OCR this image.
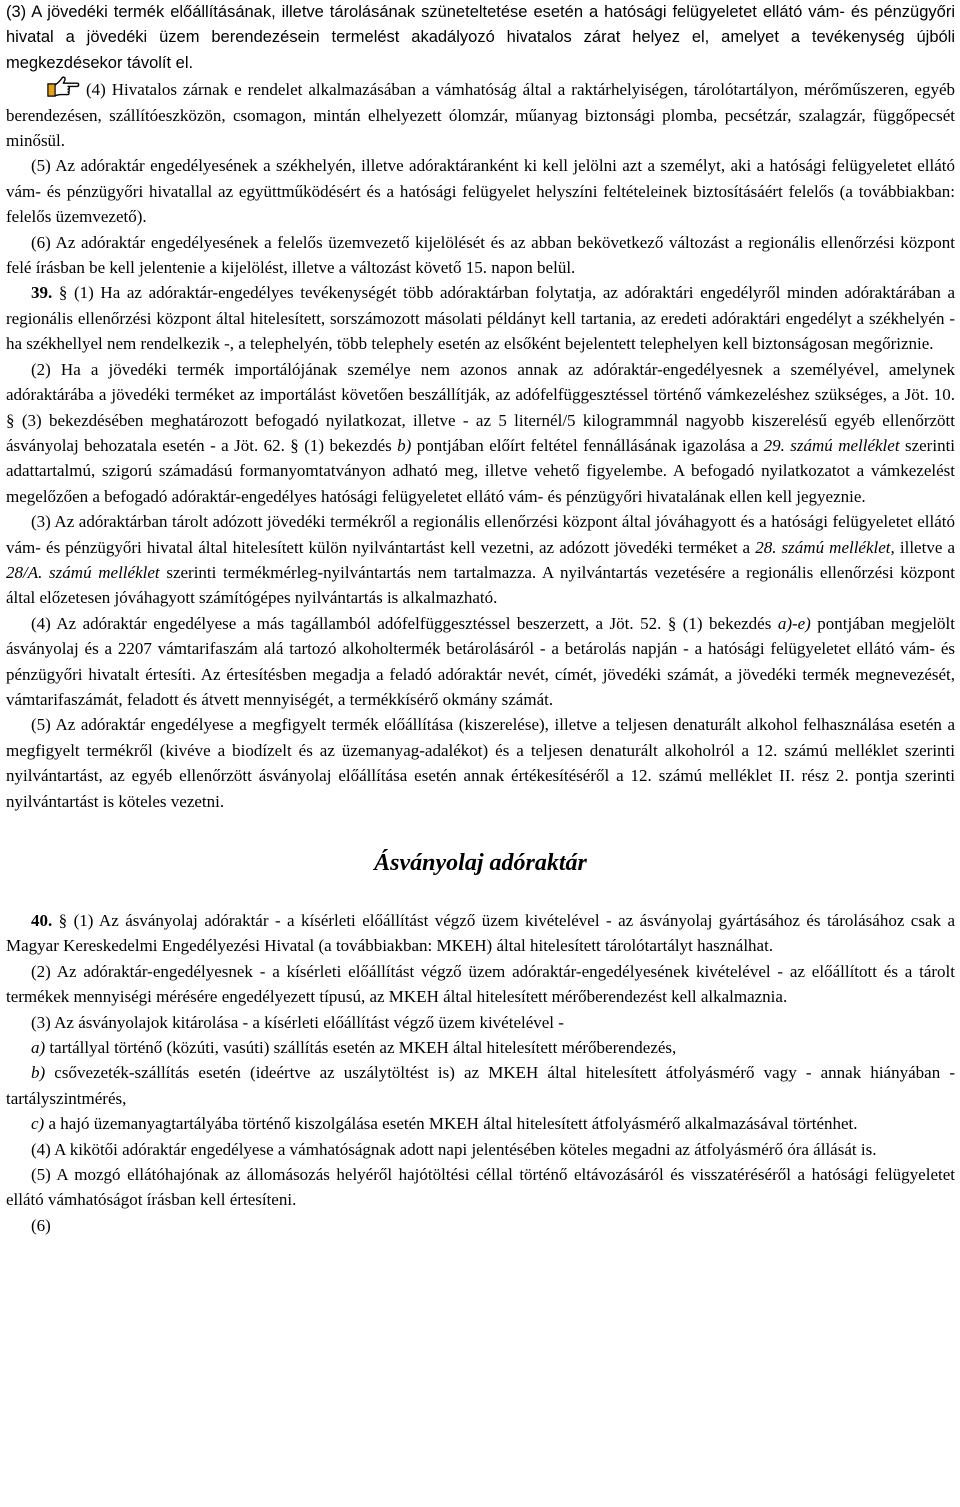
(3) A jövedéki termék előállításának, illetve tárolásának szüneteltetése esetén a hatósági felügyeletet ellátó vám- és pénzügyőri hivatal a jövedéki üzem berendezésein termelést akadályozó hivatalos zárat helyez el, amelyet a tevékenység újbóli megkezdésekor távolít el.

(4) Hivatalos zárnak e rendelet alkalmazásában a vámhatóság által a raktárhelyiségen, tárolótartályon, mérőműszeren, egyéb berendezésen, szállítóeszközön, csomagon, mintán elhelyezett ólomzár, műanyag biztonsági plomba, pecsétzár, szalagzár, függőpecsét minősül.

(5) Az adóraktár engedélyesének a székhelyén, illetve adóraktáranként ki kell jelölni azt a személyt, aki a hatósági felügyeletet ellátó vám- és pénzügyőri hivatallal az együttműködésért és a hatósági felügyelet helyszíni feltételeinek biztosításáért felelős (a továbbiakban: felelős üzemvezető).

(6) Az adóraktár engedélyesének a felelős üzemvezető kijelölését és az abban bekövetkező változást a regionális ellenőrzési központ felé írásban be kell jelentenie a kijelölést, illetve a változást követő 15. napon belül.

39. § (1) Ha az adóraktár-engedélyes tevékenységét több adóraktárban folytatja, az adóraktári engedélyről minden adóraktárában a regionális ellenőrzési központ által hitelesített, sorszámozott másolati példányt kell tartania, az eredeti adóraktári engedélyt a székhelyén - ha székhellyel nem rendelkezik -, a telephelyén, több telephely esetén az elsőként bejelentett telephelyen kell biztonságosan megőriznie.

(2) Ha a jövedéki termék importálójának személye nem azonos annak az adóraktár-engedélyesnek a személyével, amelynek adóraktárába a jövedéki terméket az importálást követően beszállítják, az adófelfüggesztéssel történő vámkezeléshez szükséges, a Jöt. 10. § (3) bekezdésében meghatározott befogadó nyilatkozat, illetve - az 5 liternél/5 kilogrammnál nagyobb kiszerelésű egyéb ellenőrzött ásványolaj behozatala esetén - a Jöt. 62. § (1) bekezdés b) pontjában előírt feltétel fennállásának igazolása a 29. számú melléklet szerinti adattartalmú, szigorú számadású formanyomtatványon adható meg, illetve vehető figyelembe. A befogadó nyilatkozatot a vámkezelést megelőzően a befogadó adóraktár-engedélyes hatósági felügyeletet ellátó vám- és pénzügyőri hivatalának ellen kell jegyeznie.

(3) Az adóraktárban tárolt adózott jövedéki termékről a regionális ellenőrzési központ által jóváhagyott és a hatósági felügyeletet ellátó vám- és pénzügyőri hivatal által hitelesített külön nyilvántartást kell vezetni, az adózott jövedéki terméket a 28. számú melléklet, illetve a 28/A. számú melléklet szerinti termékmérleg-nyilvántartás nem tartalmazza. A nyilvántartás vezetésére a regionális ellenőrzési központ által előzetesen jóváhagyott számítógépes nyilvántartás is alkalmazható.

(4) Az adóraktár engedélyese a más tagállamból adófelfüggesztéssel beszerzett, a Jöt. 52. § (1) bekezdés a)-e) pontjában megjelölt ásványolaj és a 2207 vámtarifaszám alá tartozó alkoholtermék betárolásáról - a betárolás napján - a hatósági felügyeletet ellátó vám- és pénzügyőri hivatalt értesíti. Az értesítésben megadja a feladó adóraktár nevét, címét, jövedéki számát, a jövedéki termék megnevezését, vámtarifaszámát, feladott és átvett mennyiségét, a termékkísérő okmány számát.

(5) Az adóraktár engedélyese a megfigyelt termék előállítása (kiszerelése), illetve a teljesen denaturált alkohol felhasználása esetén a megfigyelt termékről (kivéve a biodízelt és az üzemanyag-adalékot) és a teljesen denaturált alkoholról a 12. számú melléklet szerinti nyilvántartást, az egyéb ellenőrzött ásványolaj előállítása esetén annak értékesítéséről a 12. számú melléklet II. rész 2. pontja szerinti nyilvántartást is köteles vezetni.

Ásványolaj adóraktár

40. § (1) Az ásványolaj adóraktár - a kísérleti előállítást végző üzem kivételével - az ásványolaj gyártásához és tárolásához csak a Magyar Kereskedelmi Engedélyezési Hivatal (a továbbiakban: MKEH) által hitelesített tárolótartályt használhat.

(2) Az adóraktár-engedélyesnek - a kísérleti előállítást végző üzem adóraktár-engedélyesének kivételével - az előállított és a tárolt termékek mennyiségi mérésére engedélyezett típusú, az MKEH által hitelesített mérőberendezést kell alkalmaznia.

(3) Az ásványolajok kitárolása - a kísérleti előállítást végző üzem kivételével -

a) tartállyal történő (közúti, vasúti) szállítás esetén az MKEH által hitelesített mérőberendezés,

b) csővezeték-szállítás esetén (ideértve az uszálytöltést is) az MKEH által hitelesített átfolyásmérő vagy - annak hiányában - tartályszintmérés,

c) a hajó üzemanyagtartályába történő kiszolgálása esetén MKEH által hitelesített átfolyásmérő alkalmazásával történhet.

(4) A kikötői adóraktár engedélyese a vámhatóságnak adott napi jelentésében köteles megadni az átfolyásmérő óra állását is.

(5) A mozgó ellátóhajónak az állomásozás helyéről hajótöltési céllal történő eltávozásáról és visszatéréséről a hatósági felügyeletet ellátó vámhatóságot írásban kell értesíteni.

(6)
